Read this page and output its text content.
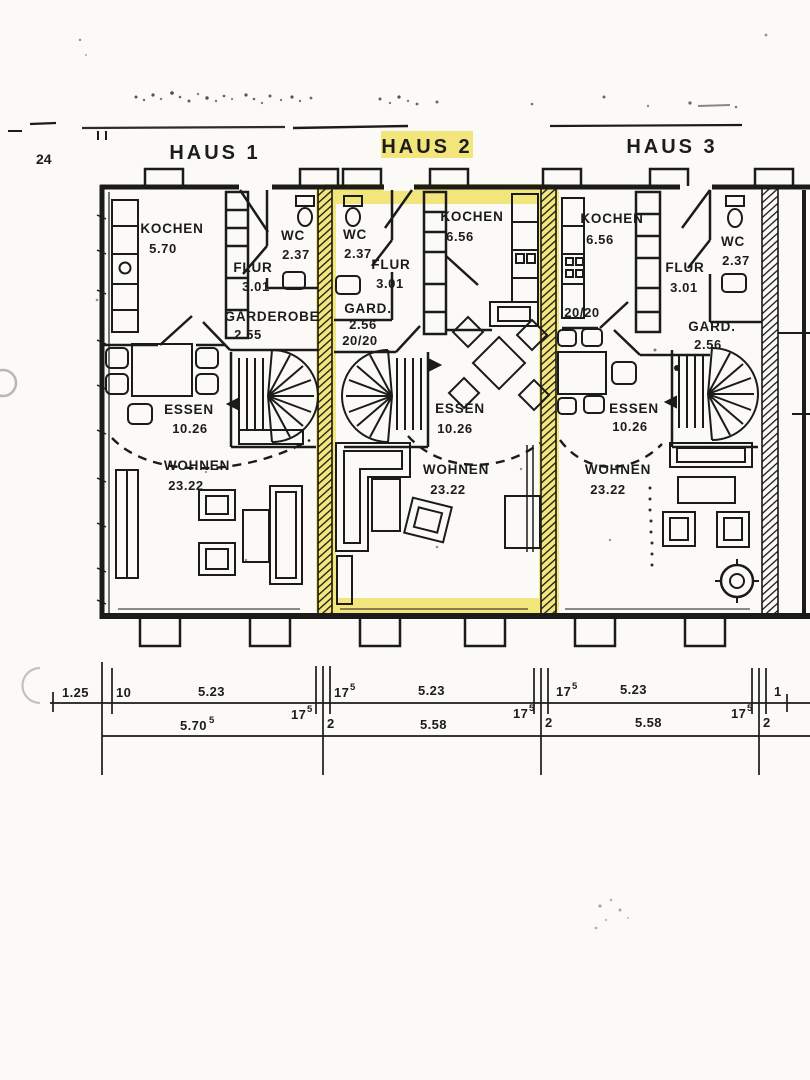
HAUS 1	HAUS 2	HAUS 3
24
KOCHEN
5.70
FLUR
3.01
WC
2.37
GARDEROBE
2.55
ESSEN
10.26
WOHNEN
23.22
WC
2.37
FLUR
3.01
KOCHEN
6.56
GARD.
2.56
20/20
ESSEN
10.26
WOHNEN
23.22
KOCHEN
6.56	WC
2.37
FLUR
3.01
20/20
GARD.
2.56
ESSEN
10.26
WOHNEN
23.22
1.25 10	5.23
17 5
17 5	5.23
17 5
17 5	5.23
17 5
1
5.70 5	2	5.58	2	5.58	2
